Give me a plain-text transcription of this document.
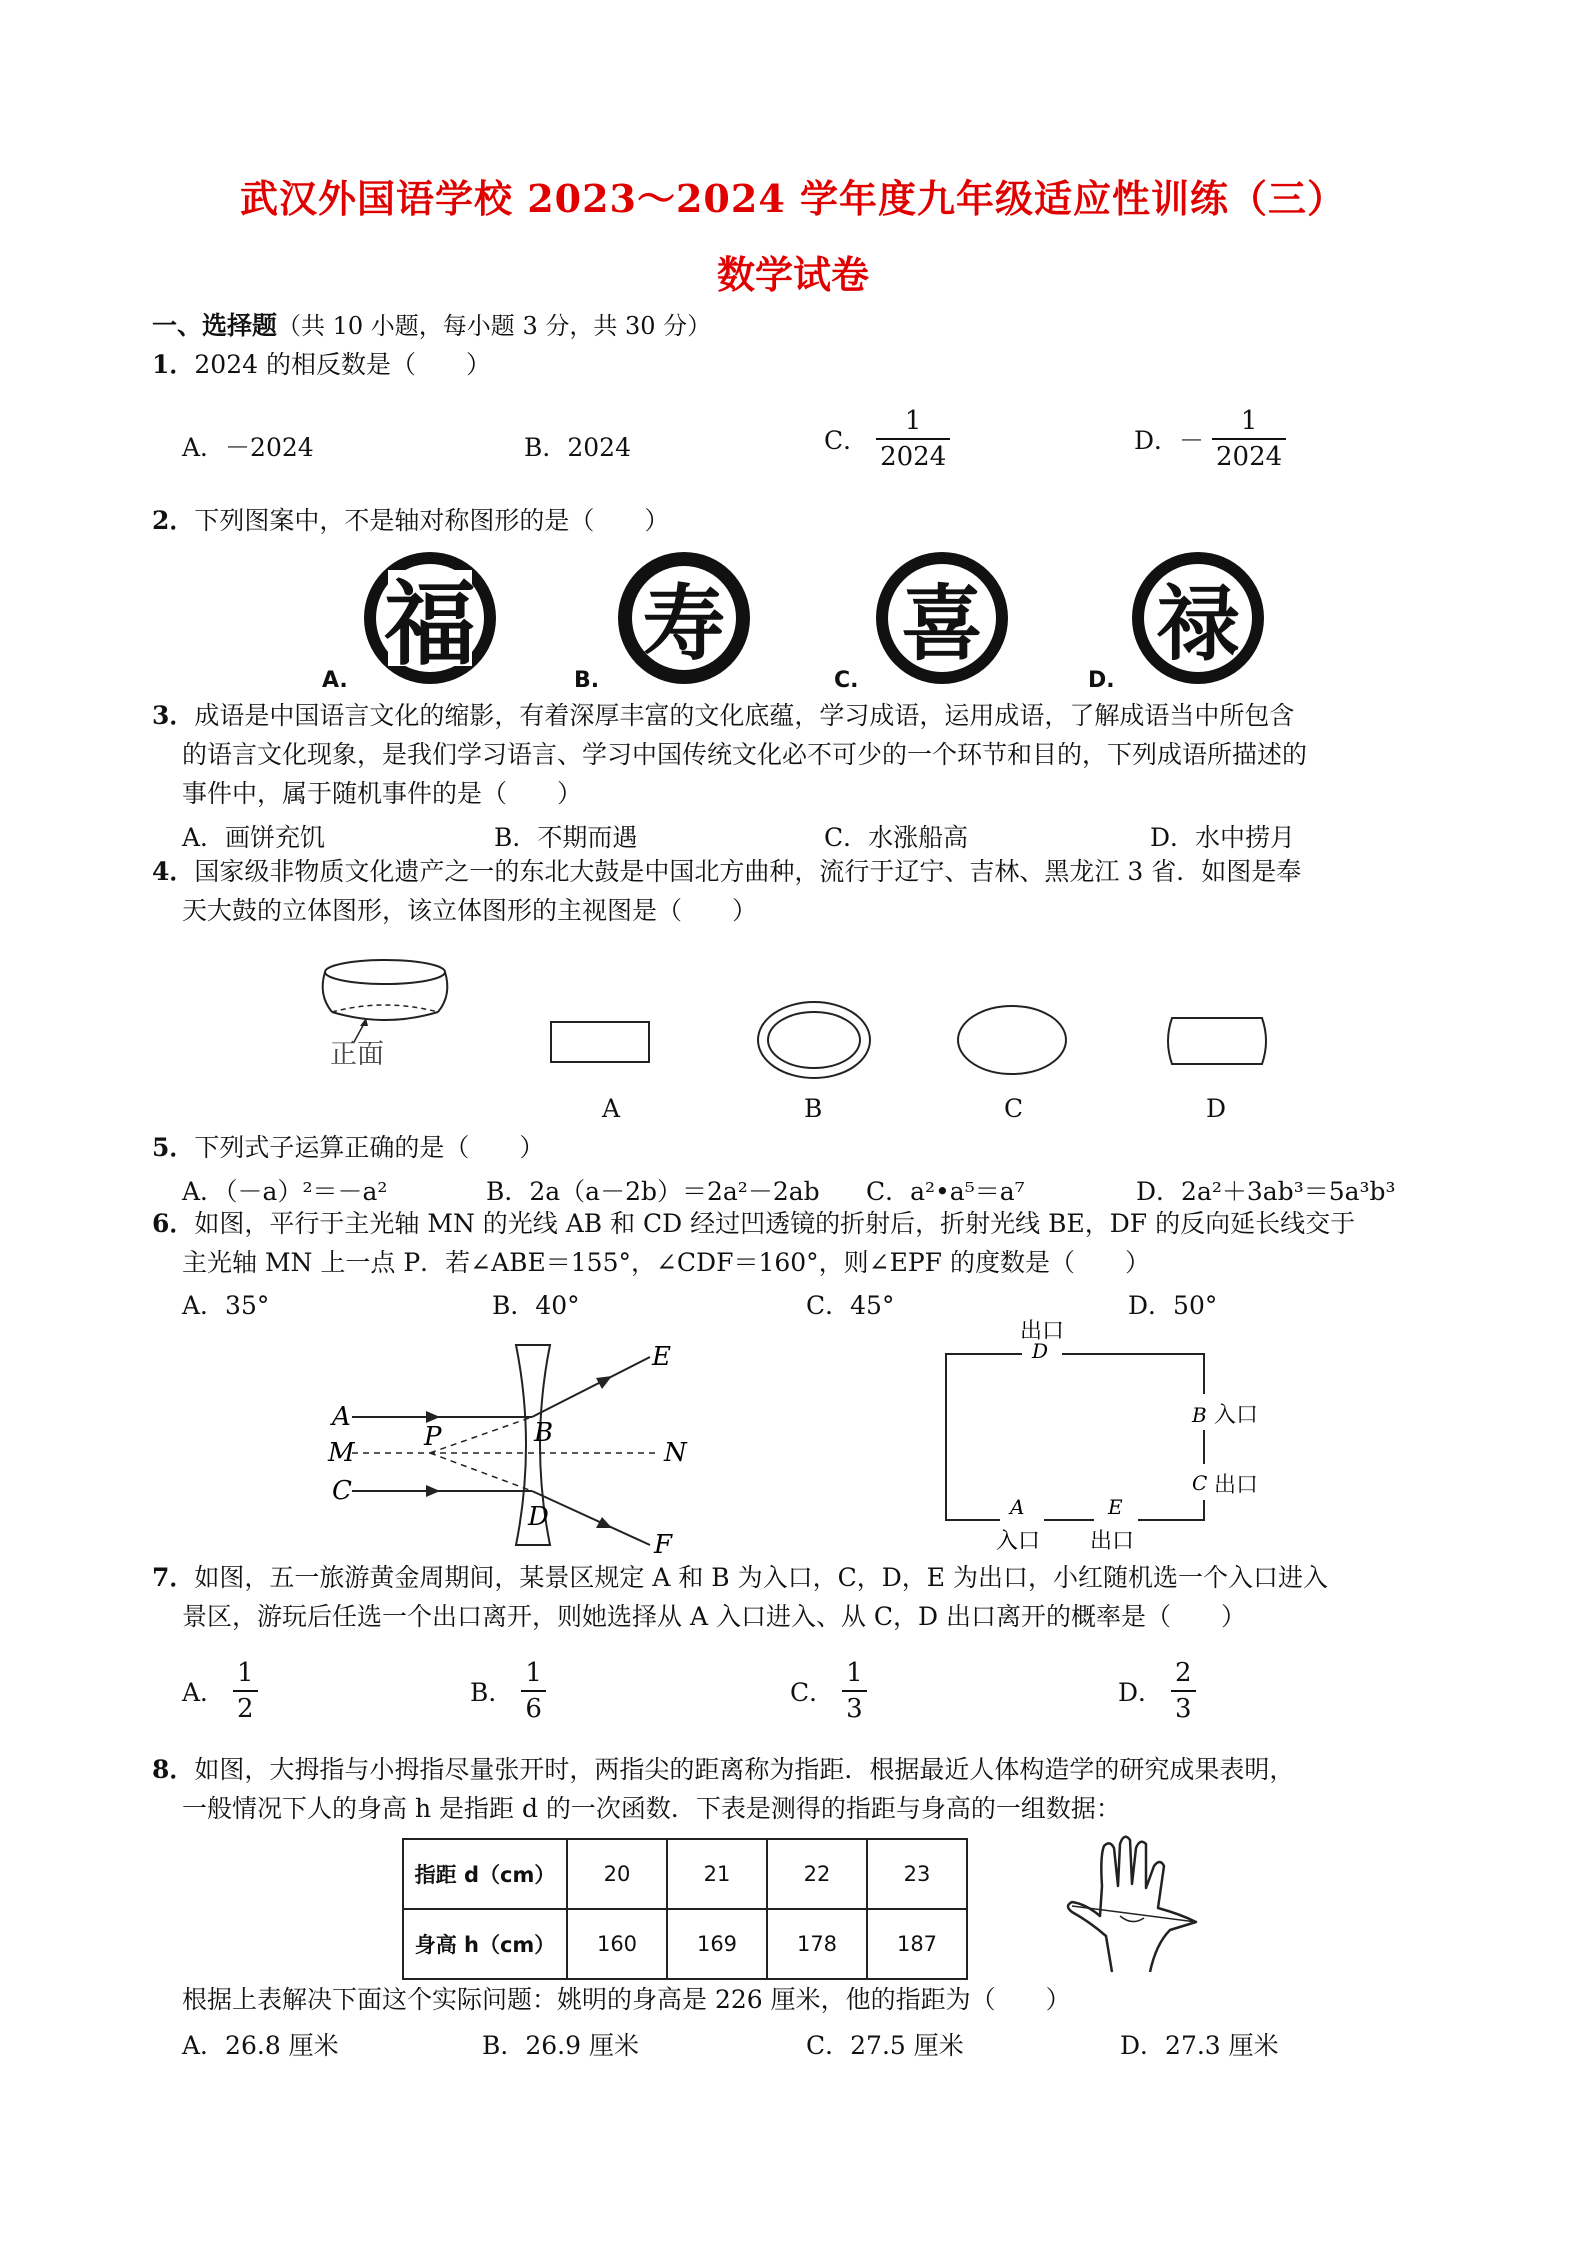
武汉外国语学校 2023～2024 学年度九年级适应性训练（三）
数学试卷
一、选择题（共 10 小题，每小题 3 分，共 30 分）
1．2024 的相反数是（　　）
A．－2024	B．2024	C． $\frac{1}{2024}$	D．－ $\frac{1}{2024}$
2．下列图案中，不是轴对称图形的是（　　）
福 寿 喜 禄
A.	B.	C.	D.
3．成语是中国语言文化的缩影，有着深厚丰富的文化底蕴，学习成语，运用成语，了解成语当中所包含
的语言文化现象，是我们学习语言、学习中国传统文化必不可少的一个环节和目的，下列成语所描述的
事件中，属于随机事件的是（　　）
A．画饼充饥	B．不期而遇	C．水涨船高	D．水中捞月
4．国家级非物质文化遗产之一的东北大鼓是中国北方曲种，流行于辽宁、吉林、黑龙江 3 省．如图是奉
天大鼓的立体图形，该立体图形的主视图是（　　）
正面
A	B	C	D
5．下列式子运算正确的是（　　）
A．（－a）²＝－a²	B．2a（a－2b）＝2a²－2ab C．a²•a⁵＝a⁷	D．2a²＋3ab³＝5a³b³
6．如图，平行于主光轴 MN 的光线 AB 和 CD 经过凹透镜的折射后，折射光线 BE，DF 的反向延长线交于
主光轴 MN 上一点 P．若∠ABE＝155°，∠CDF＝160°，则∠EPF 的度数是（　　）
A．35°	B．40°	C．45°	D．50°
A
M
C
P	B
D
E
N
F
出口
D
B
C
A	E
入口 出口
入口
出口
7．如图，五一旅游黄金周期间，某景区规定 A 和 B 为入口，C，D，E 为出口，小红随机选一个入口进入
景区，游玩后任选一个出口离开，则她选择从 A 入口进入、从 C，D 出口离开的概率是（　　）
A． $\frac{1}{2}$	B． $\frac{1}{6}$	C． $\frac{1}{3}$	D． $\frac{2}{3}$
8．如图，大拇指与小拇指尽量张开时，两指尖的距离称为指距．根据最近人体构造学的研究成果表明，
一般情况下人的身高 h 是指距 d 的一次函数．下表是测得的指距与身高的一组数据：
指距 d（cm）	20	21	22	23
身高 h（cm）	160	169	178	187
根据上表解决下面这个实际问题：姚明的身高是 226 厘米，他的指距为（　　）
A．26.8 厘米	B．26.9 厘米	C．27.5 厘米	D．27.3 厘米
